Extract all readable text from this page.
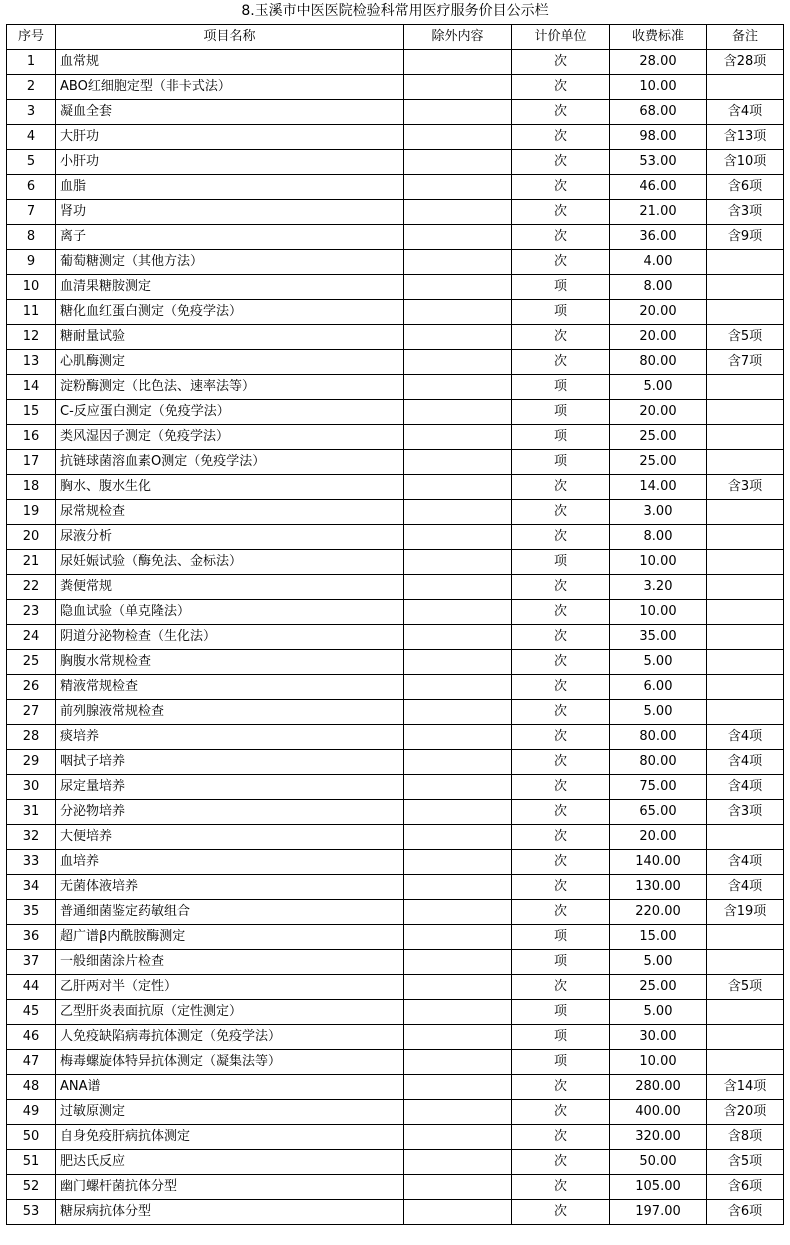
8.玉溪市中医医院检验科常用医疗服务价目公示栏
序号	项目名称	除外内容	计价单位	收费标准	备注
1	血常规		次	28.00	含28项
2	ABO红细胞定型（非卡式法）		次	10.00	
3	凝血全套		次	68.00	含4项
4	大肝功		次	98.00	含13项
5	小肝功		次	53.00	含10项
6	血脂		次	46.00	含6项
7	肾功		次	21.00	含3项
8	离子		次	36.00	含9项
9	葡萄糖测定（其他方法）		次	4.00	
10	血清果糖胺测定		项	8.00	
11	糖化血红蛋白测定（免疫学法）		项	20.00	
12	糖耐量试验		次	20.00	含5项
13	心肌酶测定		次	80.00	含7项
14	淀粉酶测定（比色法、速率法等）		项	5.00	
15	C-反应蛋白测定（免疫学法）		项	20.00	
16	类风湿因子测定（免疫学法）		项	25.00	
17	抗链球菌溶血素O测定（免疫学法）		项	25.00	
18	胸水、腹水生化		次	14.00	含3项
19	尿常规检查		次	3.00	
20	尿液分析		次	8.00	
21	尿妊娠试验（酶免法、金标法）		项	10.00	
22	粪便常规		次	3.20	
23	隐血试验（单克隆法）		次	10.00	
24	阴道分泌物检查（生化法）		次	35.00	
25	胸腹水常规检查		次	5.00	
26	精液常规检查		次	6.00	
27	前列腺液常规检查		次	5.00	
28	痰培养		次	80.00	含4项
29	咽拭子培养		次	80.00	含4项
30	尿定量培养		次	75.00	含4项
31	分泌物培养		次	65.00	含3项
32	大便培养		次	20.00	
33	血培养		次	140.00	含4项
34	无菌体液培养		次	130.00	含4项
35	普通细菌鉴定药敏组合		次	220.00	含19项
36	超广谱β内酰胺酶测定		项	15.00	
37	一般细菌涂片检查		项	5.00	
44	乙肝两对半（定性）		次	25.00	含5项
45	乙型肝炎表面抗原（定性测定）		项	5.00	
46	人免疫缺陷病毒抗体测定（免疫学法）		项	30.00	
47	梅毒螺旋体特异抗体测定（凝集法等）		项	10.00	
48	ANA谱		次	280.00	含14项
49	过敏原测定		次	400.00	含20项
50	自身免疫肝病抗体测定		次	320.00	含8项
51	肥达氏反应		次	50.00	含5项
52	幽门螺杆菌抗体分型		次	105.00	含6项
53	糖尿病抗体分型		次	197.00	含6项
